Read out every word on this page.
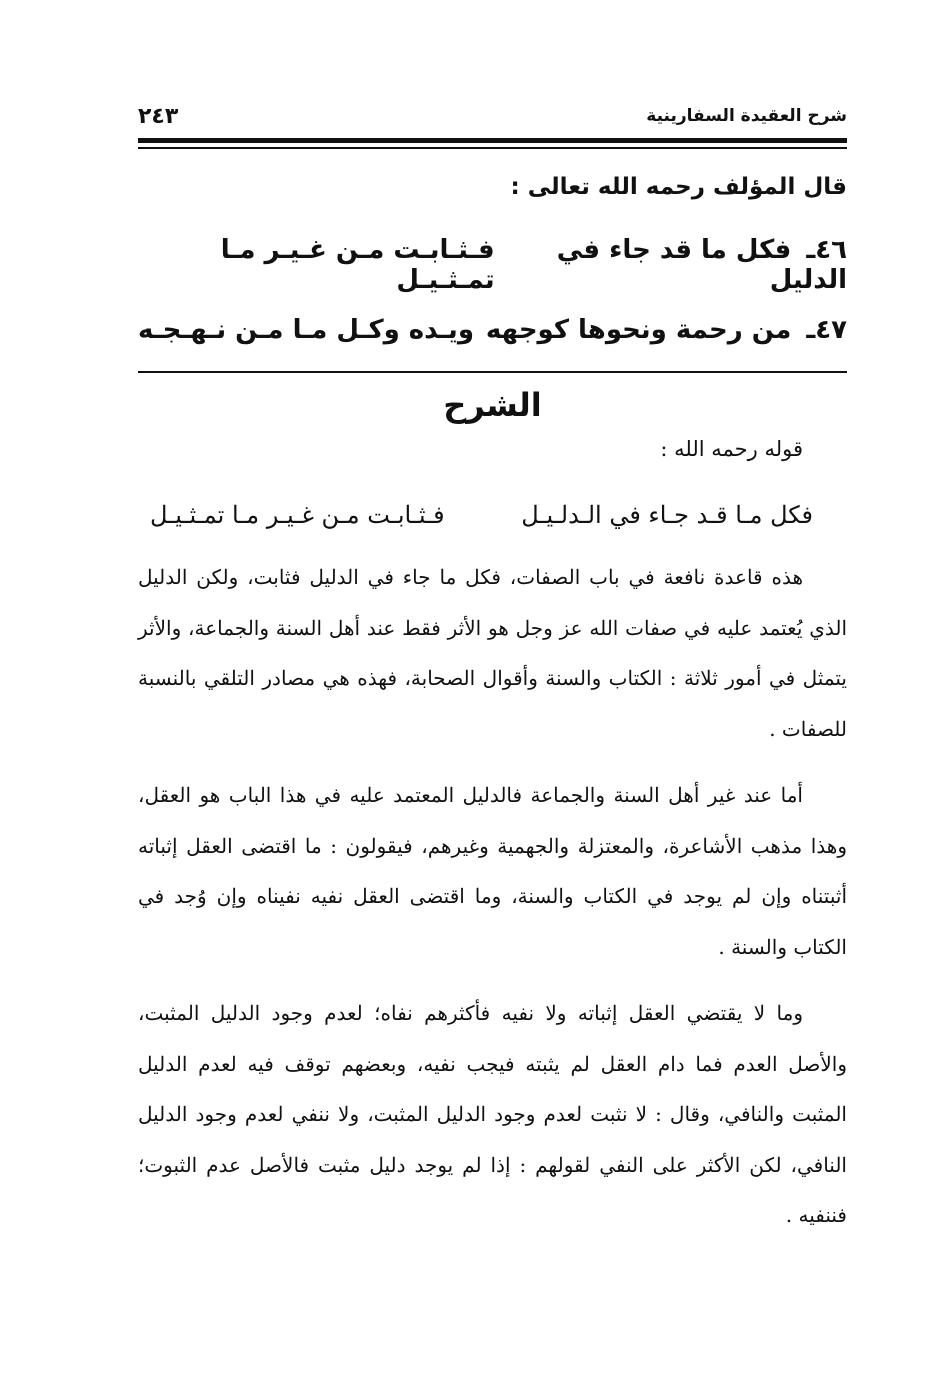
شرح العقيدة السفارينية
٢٤٣
قال المؤلف رحمه الله تعالى :
٤٦ـ فكل ما قد جاء في الدليل
فـثـابـت مـن غـيـر مـا تمـثـيـل
٤٧ـ من رحمة ونحوها كوجهه
ويـده وكـل مـا مـن نـهـجـه
الشرح
قوله رحمه الله :
فكل مـا قـد جـاء في الـدلـيـل
فـثـابـت مـن غـيـر مـا تمـثـيـل

هذه قاعدة نافعة في باب الصفات، فكل ما جاء في الدليل فثابت، ولكن الدليل الذي يُعتمد عليه في صفات الله عز وجل هو الأثر فقط عند أهل السنة والجماعة، والأثر يتمثل في أمور ثلاثة : الكتاب والسنة وأقوال الصحابة، فهذه هي مصادر التلقي بالنسبة للصفات .

أما عند غير أهل السنة والجماعة فالدليل المعتمد عليه في هذا الباب هو العقل، وهذا مذهب الأشاعرة، والمعتزلة والجهمية وغيرهم، فيقولون : ما اقتضى العقل إثباته أثبتناه وإن لم يوجد في الكتاب والسنة، وما اقتضى العقل نفيه نفيناه وإن وُجد في الكتاب والسنة .

وما لا يقتضي العقل إثباته ولا نفيه فأكثرهم نفاه؛ لعدم وجود الدليل المثبت، والأصل العدم فما دام العقل لم يثبته فيجب نفيه، وبعضهم توقف فيه لعدم الدليل المثبت والنافي، وقال : لا نثبت لعدم وجود الدليل المثبت، ولا ننفي لعدم وجود الدليل النافي، لكن الأكثر على النفي لقولهم : إذا لم يوجد دليل مثبت فالأصل عدم الثبوت؛ فننفيه .
